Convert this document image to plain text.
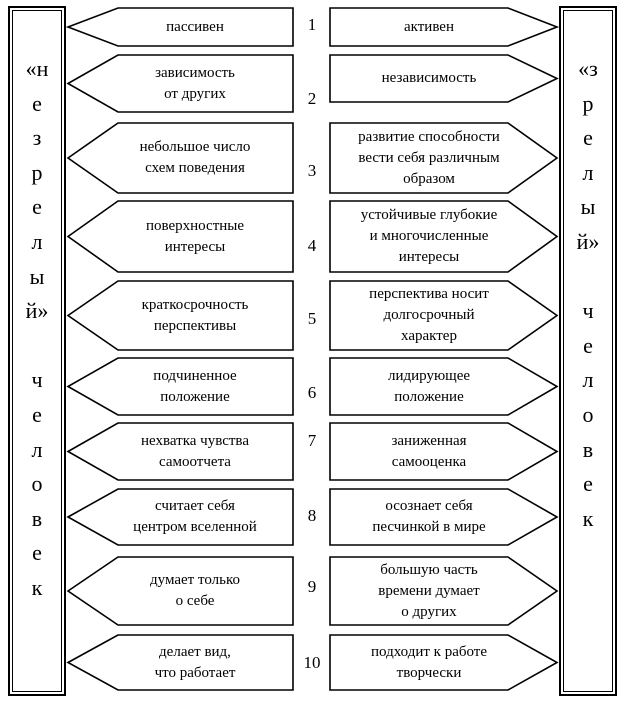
«н
е
з
р
е
л
ы
й»
ч
е
л
о
в
е
к
«з
р
е
л
ы
й»
ч
е
л
о
в
е
к
пассивен	активен
1
зависимость
от других
независимость
2
небольшое число
схем поведения
развитие способности
вести себя различным
образом
3
поверхностные
интересы
устойчивые глубокие
и многочисленные
интересы
4
краткосрочность
перспективы
перспектива носит
долгосрочный
характер
5
подчиненное
положение
лидирующее
положение
6
нехватка чувства
самоотчета
заниженная
самооценка
7
считает себя
центром вселенной
осознает себя
песчинкой в мире
8
думает только
о себе
большую часть
времени думает
о других
9
делает вид,
что работает
подходит к работе
творчески
10
